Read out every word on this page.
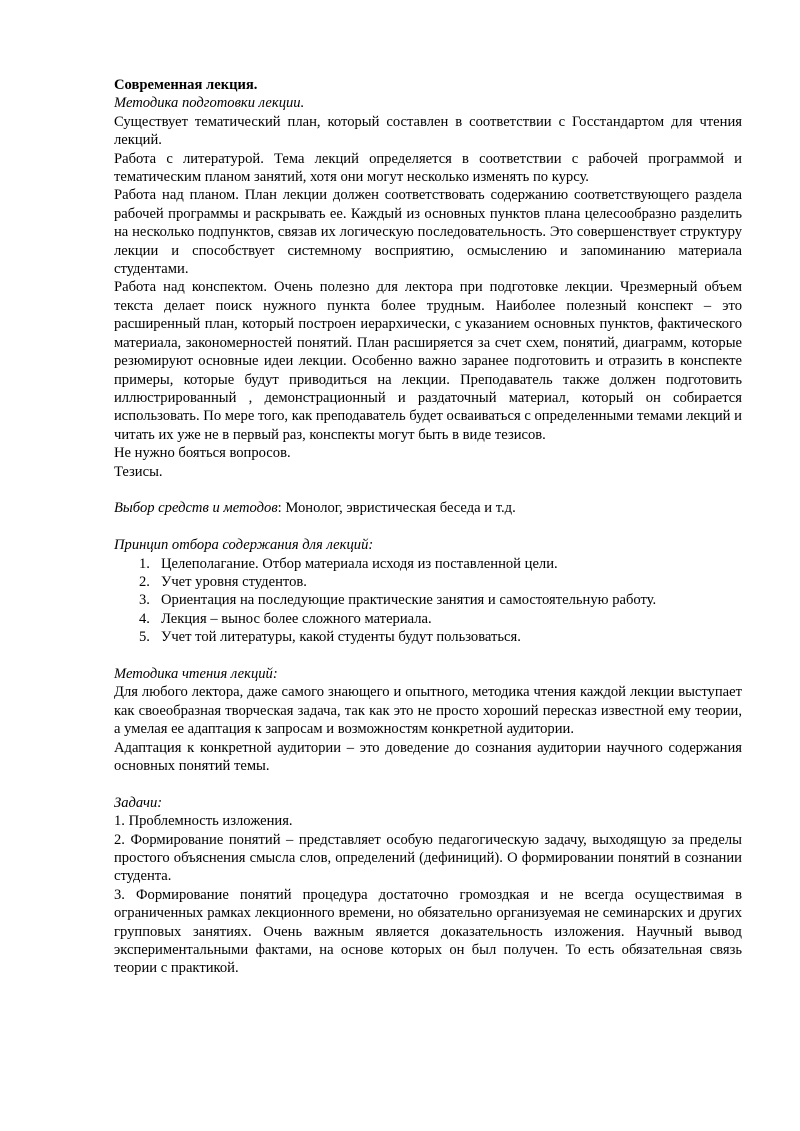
Современная лекция.

Методика подготовки лекции.

Существует тематический план, который составлен в соответствии с Госстандартом для чтения лекций.

Работа с литературой. Тема лекций определяется в соответствии с рабочей программой и тематическим планом занятий, хотя они могут несколько изменять по курсу.

Работа над планом. План лекции должен соответствовать содержанию соответствующего раздела рабочей программы и раскрывать ее. Каждый из основных пунктов плана целесообразно разделить на несколько подпунктов, связав их логическую последовательность. Это совершенствует структуру лекции и способствует системному восприятию, осмыслению и запоминанию материала студентами.

Работа над конспектом. Очень полезно для лектора при подготовке лекции. Чрезмерный объем текста делает поиск нужного пункта более трудным. Наиболее полезный конспект – это расширенный план, который построен иерархически, с указанием основных пунктов, фактического материала, закономерностей понятий. План расширяется за счет схем, понятий, диаграмм, которые резюмируют основные идеи лекции. Особенно важно заранее подготовить и отразить в конспекте примеры, которые будут приводиться на лекции. Преподаватель также должен подготовить иллюстрированный , демонстрационный и раздаточный материал, который он собирается использовать. По мере того, как преподаватель будет осваиваться с определенными темами лекций и читать их уже не в первый раз, конспекты могут быть в виде тезисов.

Не нужно бояться вопросов.

Тезисы.

Выбор средств и методов: Монолог, эвристическая беседа и т.д.

Принцип отбора содержания для лекций:

1. Целеполагание. Отбор материала исходя из поставленной цели.
2. Учет уровня студентов.
3. Ориентация на последующие практические занятия и самостоятельную работу.
4. Лекция – вынос более сложного материала.
5. Учет той литературы, какой студенты будут пользоваться.

Методика чтения лекций:

Для любого лектора, даже самого знающего и опытного, методика чтения каждой лекции выступает как своеобразная творческая задача, так как это не просто хороший пересказ известной ему теории, а умелая ее адаптация к запросам и возможностям конкретной аудитории.

Адаптация к конкретной аудитории – это доведение до сознания аудитории научного содержания основных понятий темы.

Задачи:

1. Проблемность изложения.

2. Формирование понятий – представляет особую педагогическую задачу, выходящую за пределы простого объяснения смысла слов, определений (дефиниций). О формировании понятий в сознании студента.

3. Формирование понятий процедура достаточно громоздкая и не всегда осуществимая в ограниченных рамках лекционного времени, но обязательно организуемая не семинарских и других групповых занятиях. Очень важным является доказательность изложения. Научный вывод экспериментальными фактами, на основе которых он был получен. То есть обязательная связь теории с практикой.
